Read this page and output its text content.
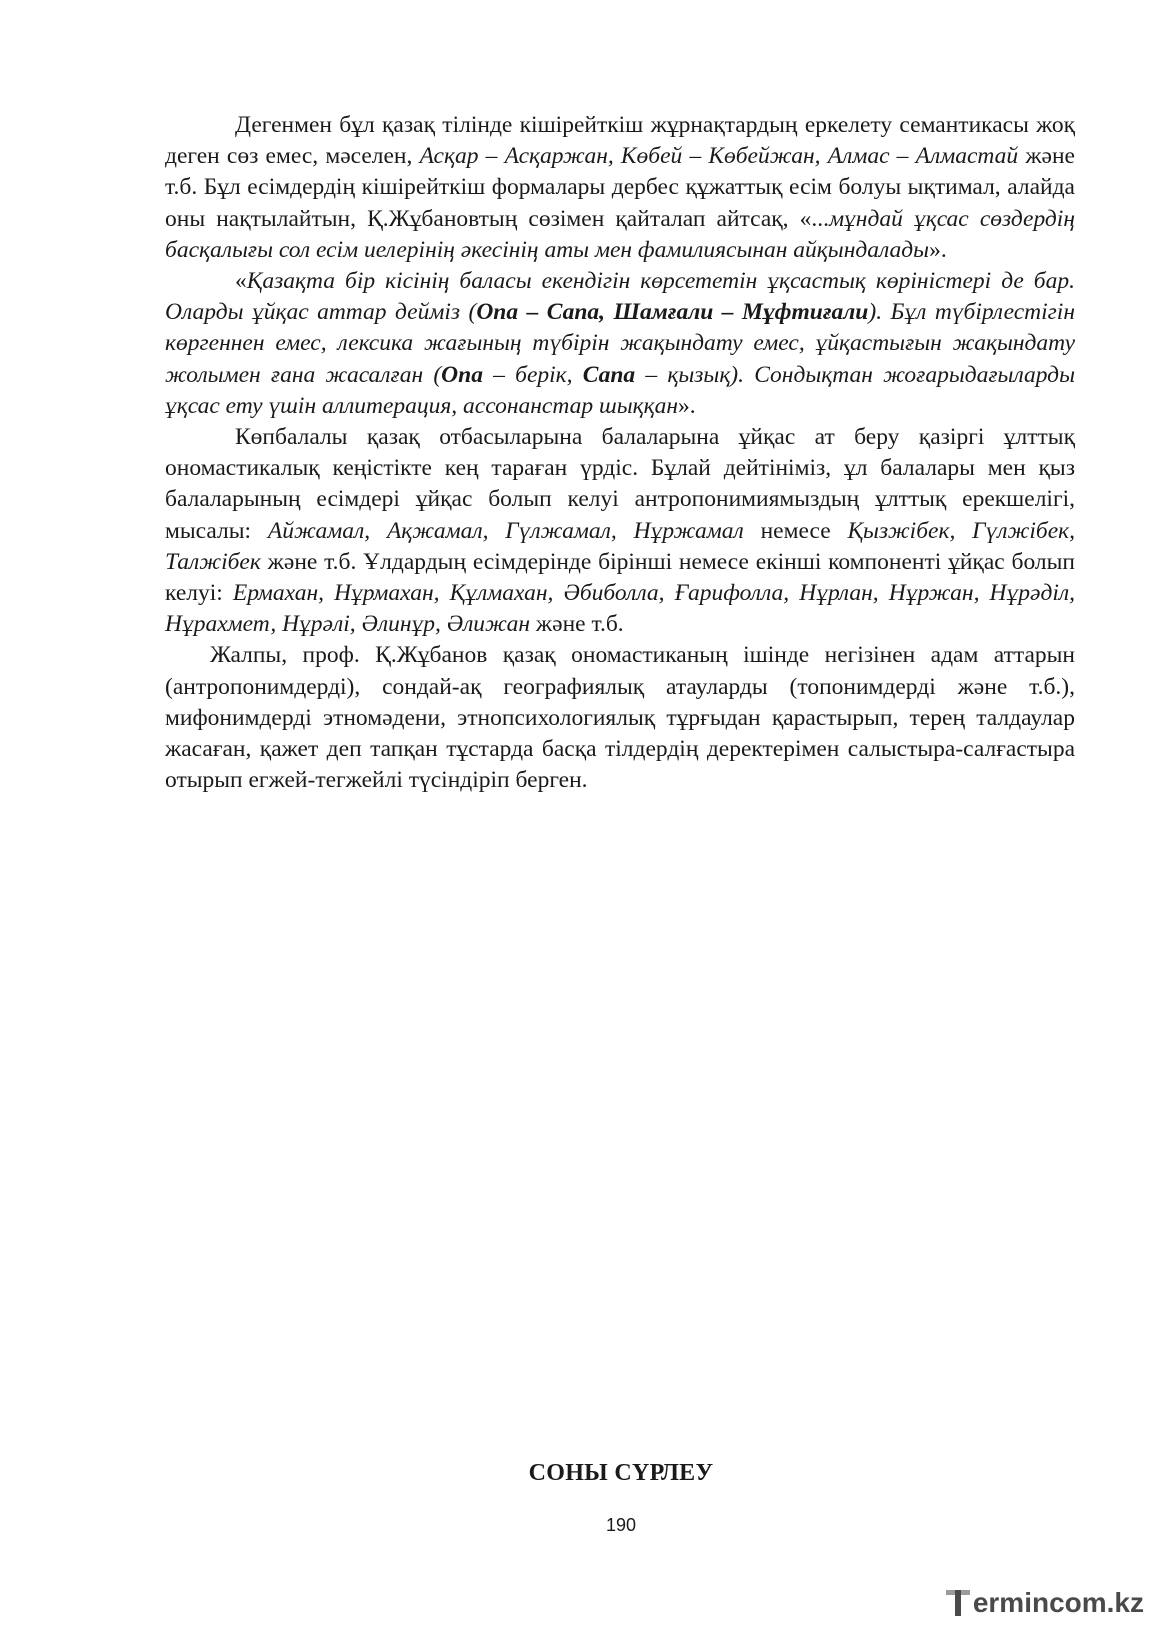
Дегенмен бұл қазақ тілінде кішірейткіш жұрнақтардың еркелету семантикасы жоқ деген сөз емес, мәселен, Асқар – Асқаржан, Көбей – Көбейжан, Алмас – Алмастай және т.б. Бұл есімдердің кішірейткіш формалары дербес құжаттық есім болуы ықтимал, алайда оны нақтылайтын, Қ.Жұбановтың сөзімен қайталап айтсақ, «...мұндай ұқсас сөздердің басқалығы сол есім иелерінің әкесінің аты мен фамилиясынан айқындалады».

«Қазақта бір кісінің баласы екендігін көрсететін ұқсастық көріністері де бар. Оларды ұйқас аттар дейміз (Опа – Сапа, Шамғали – Мұфтиғали). Бұл түбірлестігін көргеннен емес, лексика жағының түбірін жақындату емес, ұйқастығын жақындату жолымен ғана жасалған (Опа – берік, Сапа – қызық). Сондықтан жоғарыдағыларды ұқсас ету үшін аллитерация, ассонанстар шыққан».

Көпбалалы қазақ отбасыларына балаларына ұйқас ат беру қазіргі ұлттық ономастикалық кеңістікте кең тараған үрдіс. Бұлай дейтініміз, ұл балалары мен қыз балаларының есімдері ұйқас болып келуі антропонимиямыздың ұлттық ерекшелігі, мысалы: Айжамал, Ақжамал, Гүлжамал, Нұржамал немесе Қызжібек, Гүлжібек, Талжібек және т.б. Ұлдардың есімдерінде бірінші немесе екінші компоненті ұйқас болып келуі: Ермахан, Нұрмахан, Құлмахан, Әбиболла, Ғарифолла, Нұрлан, Нұржан, Нұрәділ, Нұрахмет, Нұрәлі, Әлинұр, Әлижан және т.б.

Жалпы, проф. Қ.Жұбанов қазақ ономастиканың ішінде негізінен адам аттарын (антропонимдерді), сондай-ақ географиялық атауларды (топонимдерді және т.б.), мифонимдерді этномәдени, этнопсихологиялық тұрғыдан қарастырып, терең талдаулар жасаған, қажет деп тапқан тұстарда басқа тілдердің деректерімен салыстыра-салғастыра отырып егжей-тегжейлі түсіндіріп берген.

СОНЫ СҮРЛЕУ
190
ermincom.kz
